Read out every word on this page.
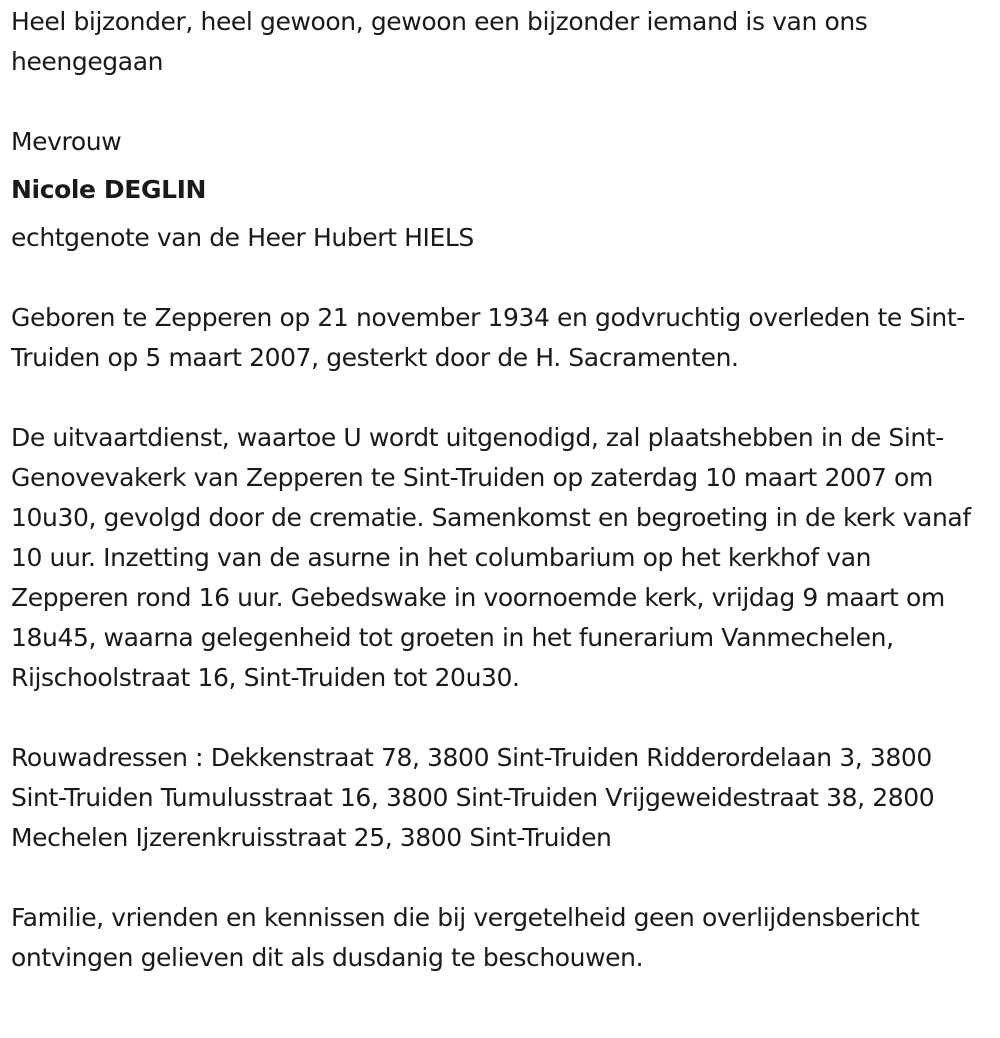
Heel bijzonder, heel gewoon, gewoon een bijzonder iemand is van ons heengegaan

Mevrouw

Nicole DEGLIN

echtgenote van de Heer Hubert HIELS

Geboren te Zepperen op 21 november 1934 en godvruchtig overleden te Sint-Truiden op 5 maart 2007, gesterkt door de H. Sacramenten.

De uitvaartdienst, waartoe U wordt uitgenodigd, zal plaatshebben in de Sint-Genovevakerk van Zepperen te Sint-Truiden op zaterdag 10 maart 2007 om 10u30, gevolgd door de crematie. Samenkomst en begroeting in de kerk vanaf 10 uur. Inzetting van de asurne in het columbarium op het kerkhof van Zepperen rond 16 uur. Gebedswake in voornoemde kerk, vrijdag 9 maart om 18u45, waarna gelegenheid tot groeten in het funerarium Vanmechelen, Rijschoolstraat 16, Sint-Truiden tot 20u30.

Rouwadressen : Dekkenstraat 78, 3800 Sint-Truiden Ridderordelaan 3, 3800 Sint-Truiden Tumulusstraat 16, 3800 Sint-Truiden Vrijgeweidestraat 38, 2800 Mechelen Ijzerenkruisstraat 25, 3800 Sint-Truiden

Familie, vrienden en kennissen die bij vergetelheid geen overlijdensbericht ontvingen gelieven dit als dusdanig te beschouwen.
